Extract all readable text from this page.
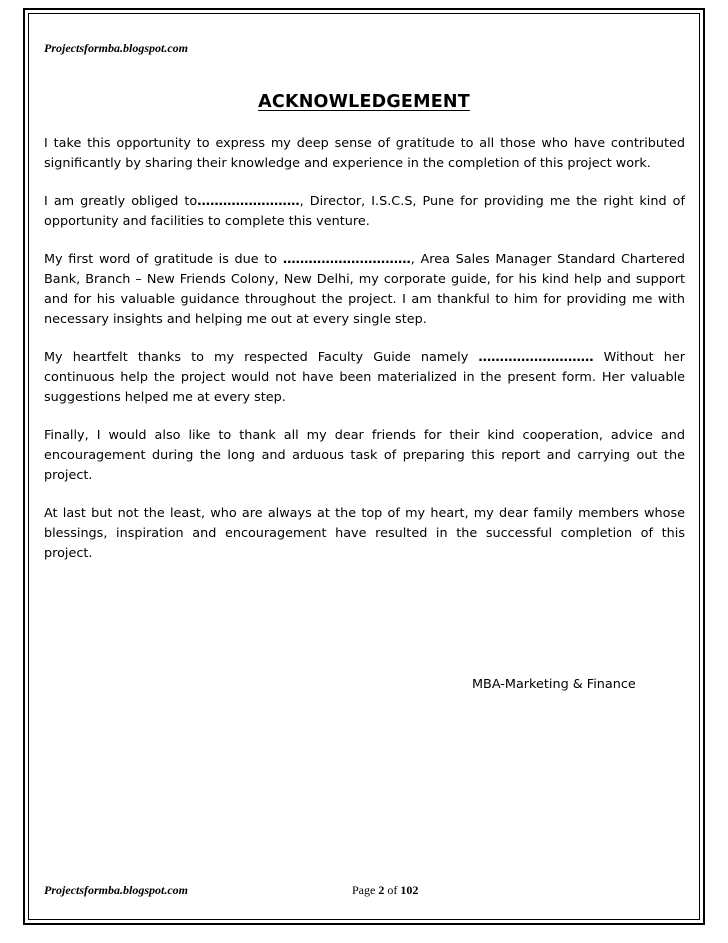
Projectsformba.blogspot.com
ACKNOWLEDGEMENT

I take this opportunity to express my deep sense of gratitude to all those who have contributed significantly by sharing their knowledge and experience in the completion of this project work.

I am greatly obliged to……………………, Director, I.S.C.S, Pune for providing me the right kind of opportunity and facilities to complete this venture.

My first word of gratitude is due to …………………………, Area Sales Manager Standard Chartered Bank, Branch – New Friends Colony, New Delhi, my corporate guide, for his kind help and support and for his valuable guidance throughout the project. I am thankful to him for providing me with necessary insights and helping me out at every single step.

My heartfelt thanks to my respected Faculty Guide namely ……………………… Without her continuous help the project would not have been materialized in the present form. Her valuable suggestions helped me at every step.

Finally, I would also like to thank all my dear friends for their kind cooperation, advice and encouragement during the long and arduous task of preparing this report and carrying out the project.

At last but not the least, who are always at the top of my heart, my dear family members whose blessings, inspiration and encouragement have resulted in the successful completion of this project.

MBA-Marketing & Finance
Projectsformba.blogspot.com	Page 2 of 102
